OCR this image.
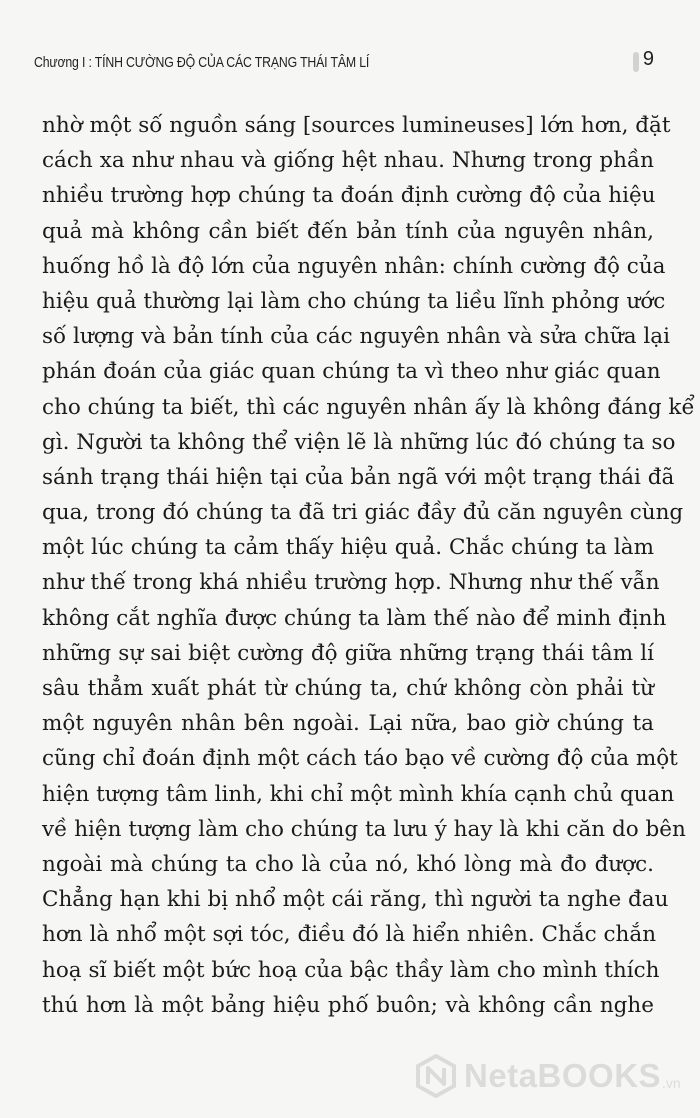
Chương I : TÍNH CƯỜNG ĐỘ CỦA CÁC TRẠNG THÁI TÂM LÍ	9
nhờ một số nguồn sáng [sources lumineuses] lớn hơn, đặt
cách xa như nhau và giống hệt nhau. Nhưng trong phần
nhiều trường hợp chúng ta đoán định cường độ của hiệu
quả mà không cần biết đến bản tính của nguyên nhân,
huống hồ là độ lớn của nguyên nhân: chính cường độ của
hiệu quả thường lại làm cho chúng ta liều lĩnh phỏng ước
số lượng và bản tính của các nguyên nhân và sửa chữa lại
phán đoán của giác quan chúng ta vì theo như giác quan
cho chúng ta biết, thì các nguyên nhân ấy là không đáng kể
gì. Người ta không thể viện lẽ là những lúc đó chúng ta so
sánh trạng thái hiện tại của bản ngã với một trạng thái đã
qua, trong đó chúng ta đã tri giác đầy đủ căn nguyên cùng
một lúc chúng ta cảm thấy hiệu quả. Chắc chúng ta làm
như thế trong khá nhiều trường hợp. Nhưng như thế vẫn
không cắt nghĩa được chúng ta làm thế nào để minh định
những sự sai biệt cường độ giữa những trạng thái tâm lí
sâu thẳm xuất phát từ chúng ta, chứ không còn phải từ
một nguyên nhân bên ngoài. Lại nữa, bao giờ chúng ta
cũng chỉ đoán định một cách táo bạo về cường độ của một
hiện tượng tâm linh, khi chỉ một mình khía cạnh chủ quan
về hiện tượng làm cho chúng ta lưu ý hay là khi căn do bên
ngoài mà chúng ta cho là của nó, khó lòng mà đo được.
Chẳng hạn khi bị nhổ một cái răng, thì người ta nghe đau
hơn là nhổ một sợi tóc, điều đó là hiển nhiên. Chắc chắn
hoạ sĩ biết một bức hoạ của bậc thầy làm cho mình thích
thú hơn là một bảng hiệu phố buôn; và không cần nghe
NetaBOOKS .vn
